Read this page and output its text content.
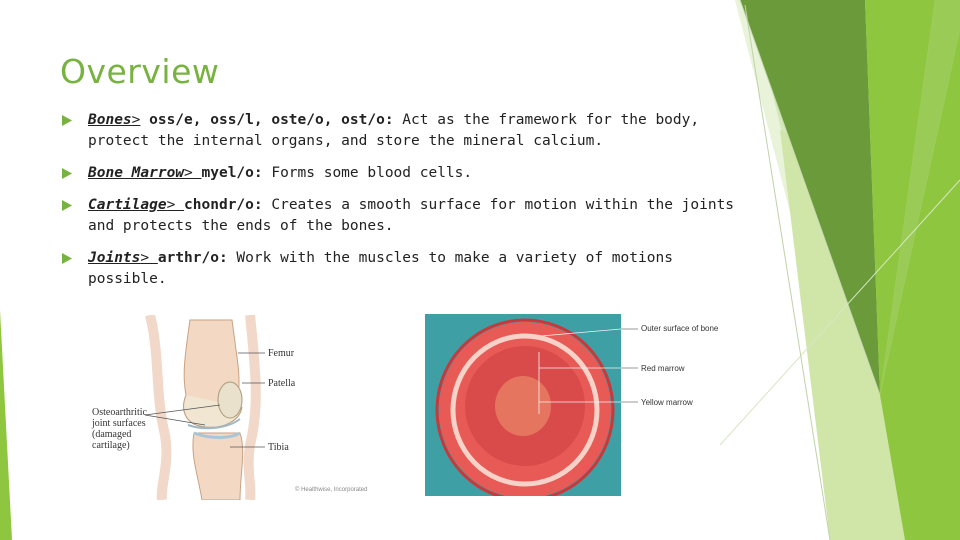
Overview
Bones> oss/e, oss/l, oste/o, ost/o: Act as the framework for the body, protect the internal organs, and store the mineral calcium.
Bone Marrow> myel/o: Forms some blood cells.
Cartilage> chondr/o: Creates a smooth surface for motion within the joints and protects the ends of the bones.
Joints> arthr/o: Work with the muscles to make a variety of motions possible.
Femur
Patella
Tibia
Osteoarthritic joint surfaces (damaged cartilage)
© Healthwise, Incorporated
Outer surface of bone
Red marrow
Yellow marrow
